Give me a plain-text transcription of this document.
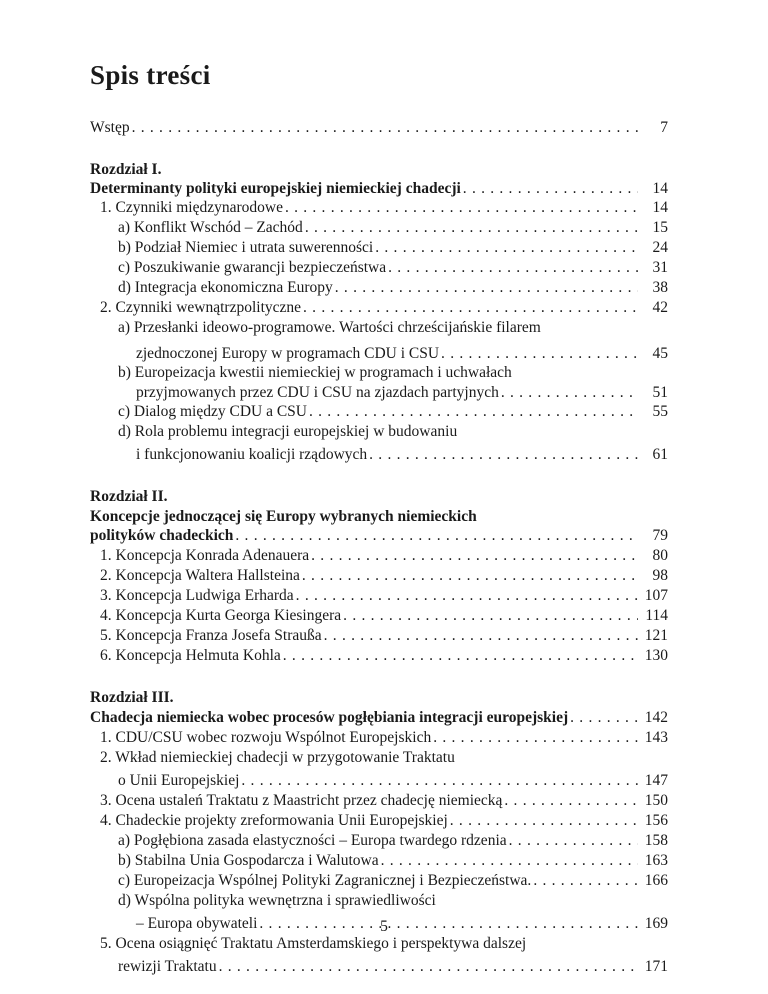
Spis treści
Wstęp . . .	7
Rozdział I.
Determinanty polityki europejskiej niemieckiej chadecji . . .	14
1. Czynniki międzynarodowe . . .	14
a) Konflikt Wschód – Zachód . . .	15
b) Podział Niemiec i utrata suwerenności . . .	24
c) Poszukiwanie gwarancji bezpieczeństwa . . .	31
d) Integracja ekonomiczna Europy . . .	38
2. Czynniki wewnątrzpolityczne . . .	42
a) Przesłanki ideowo-programowe. Wartości chrześcijańskie filarem
zjednoczonej Europy w programach CDU i CSU . . .	45
b) Europeizacja kwestii niemieckiej w programach i uchwałach
przyjmowanych przez CDU i CSU na zjazdach partyjnych . . .	51
c) Dialog między CDU a CSU . . .	55
d) Rola problemu integracji europejskiej w budowaniu
i funkcjonowaniu koalicji rządowych . . .	61
Rozdział II.
Koncepcje jednoczącej się Europy wybranych niemieckich
polityków chadeckich . . .	79
1. Koncepcja Konrada Adenauera . . .	80
2. Koncepcja Waltera Hallsteina . . .	98
3. Koncepcja Ludwiga Erharda . . .	107
4. Koncepcja Kurta Georga Kiesingera . . .	114
5. Koncepcja Franza Josefa Straußa . . .	121
6. Koncepcja Helmuta Kohla . . .	130
Rozdział III.
Chadecja niemiecka wobec procesów pogłębiania integracji europejskiej . . .	142
1. CDU/CSU wobec rozwoju Wspólnot Europejskich . . .	143
2. Wkład niemieckiej chadecji w przygotowanie Traktatu
o Unii Europejskiej . . .	147
3. Ocena ustaleń Traktatu z Maastricht przez chadecję niemiecką . . .	150
4. Chadeckie projekty zreformowania Unii Europejskiej . . .	156
a) Pogłębiona zasada elastyczności – Europa twardego rdzenia . . .	158
b) Stabilna Unia Gospodarcza i Walutowa . . .	163
c) Europeizacja Wspólnej Polityki Zagranicznej i Bezpieczeństwa. . . .	166
d) Wspólna polityka wewnętrzna i sprawiedliwości
– Europa obywateli . . .	169
5. Ocena osiągnięć Traktatu Amsterdamskiego i perspektywa dalszej
rewizji Traktatu . . .	171
5
